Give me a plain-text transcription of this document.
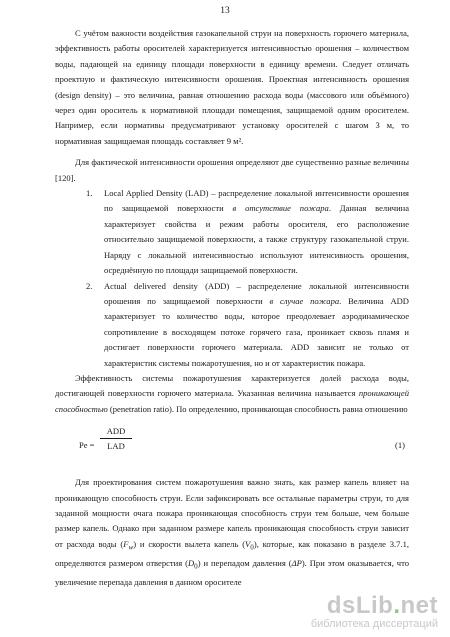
13

С учётом важности воздействия газокапельной струи на поверхность горючего материала, эффективность работы оросителей характеризуется интенсивностью орошения – количеством воды, падающей на единицу площади поверхности в единицу времени. Следует отличать проектную и фактическую интенсивности орошения. Проектная интенсивность орошения (design density) – это величина, равная отношению расхода воды (массового или объёмного) через один ороситель к нормативной площади помещения, защищаемой одним оросителем. Например, если нормативы предусматривают установку оросителей с шагом 3 м, то нормативная защищаемая площадь составляет 9 м².

Для фактической интенсивности орошения определяют две существенно разные величины [120].

1. Local Applied Density (LAD) – распределение локальной интенсивности орошения по защищаемой поверхности в отсутствие пожара. Данная величина характеризует свойства и режим работы оросителя, его расположение относительно защищаемой поверхности, а также структуру газокапельной струи. Наряду с локальной интенсивностью используют интенсивность орошения, осреднённую по площади защищаемой поверхности.
2. Actual delivered density (ADD) – распределение локальной интенсивности орошения по защищаемой поверхности в случае пожара. Величина ADD характеризует то количество воды, которое преодолевает аэродинамическое сопротивление в восходящем потоке горячего газа, проникает сквозь пламя и достигает поверхности горючего материала. ADD зависит не только от характеристик системы пожаротушения, но и от характеристик пожара.

Эффективность системы пожаротушения характеризуется долей расхода воды, достигающей поверхности горючего материала. Указанная величина называется проникающей способностью (penetration ratio). По определению, проникающая способность равна отношению

Pe =
ADD
LAD	(1)

Для проектирования систем пожаротушения важно знать, как размер капель влияет на проникающую способность струи. Если зафиксировать все остальные параметры струи, то для заданной мощности очага пожара проникающая способность струи тем больше, чем больше размер капель. Однако при заданном размере капель проникающая способность струи зависит от расхода воды $(F_w)$ и скорости вылета капель $(V_0)$, которые, как показано в разделе 3.7.1, определяются размером отверстия $(D_0)$ и перепадом давления (ΔP). При этом оказывается, что увеличение перепада давления в данном оросителе

dsLib.net
библиотека диссертаций
